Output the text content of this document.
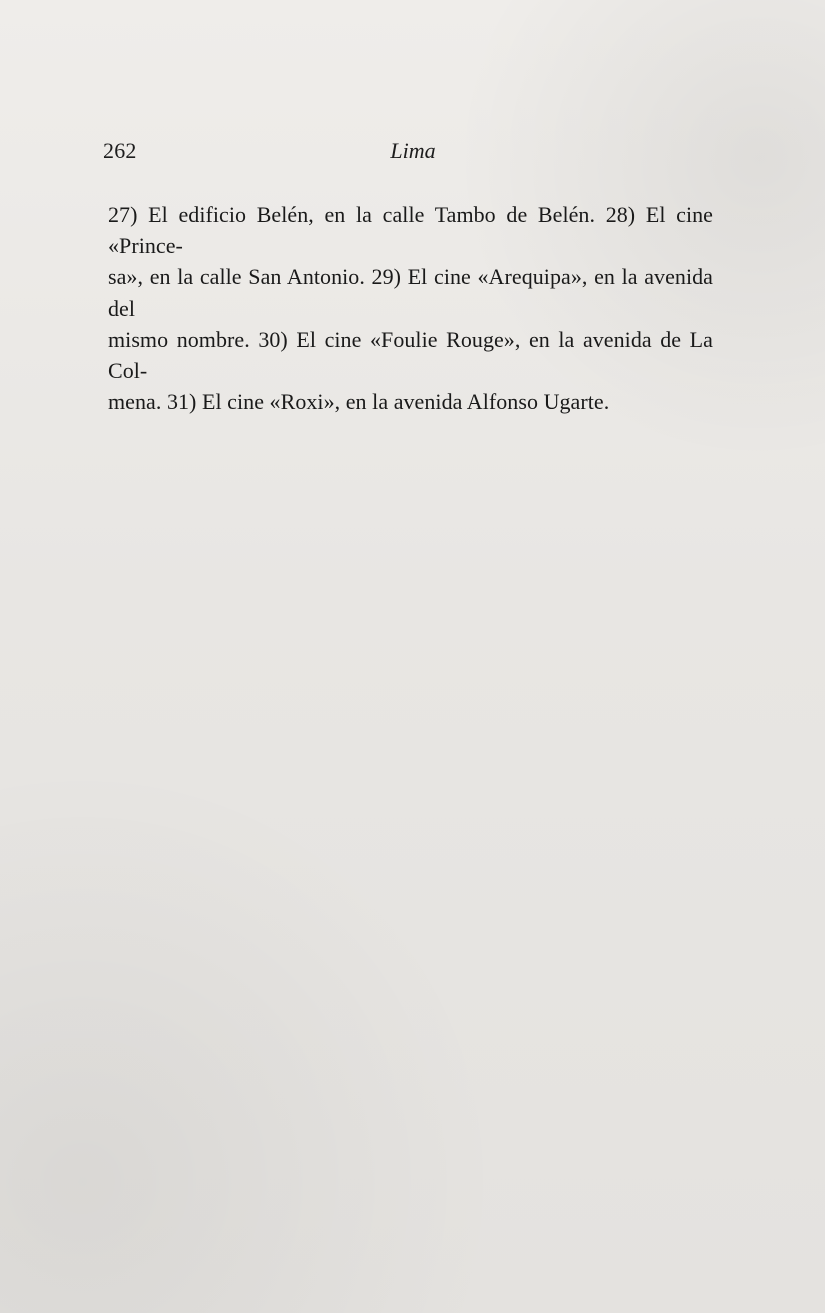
262	Lima

27) El edificio Belén, en la calle Tambo de Belén. 28) El cine «Prince-
sa», en la calle San Antonio. 29) El cine «Arequipa», en la avenida del
mismo nombre. 30) El cine «Foulie Rouge», en la avenida de La Col-
mena. 31) El cine «Roxi», en la avenida Alfonso Ugarte.
